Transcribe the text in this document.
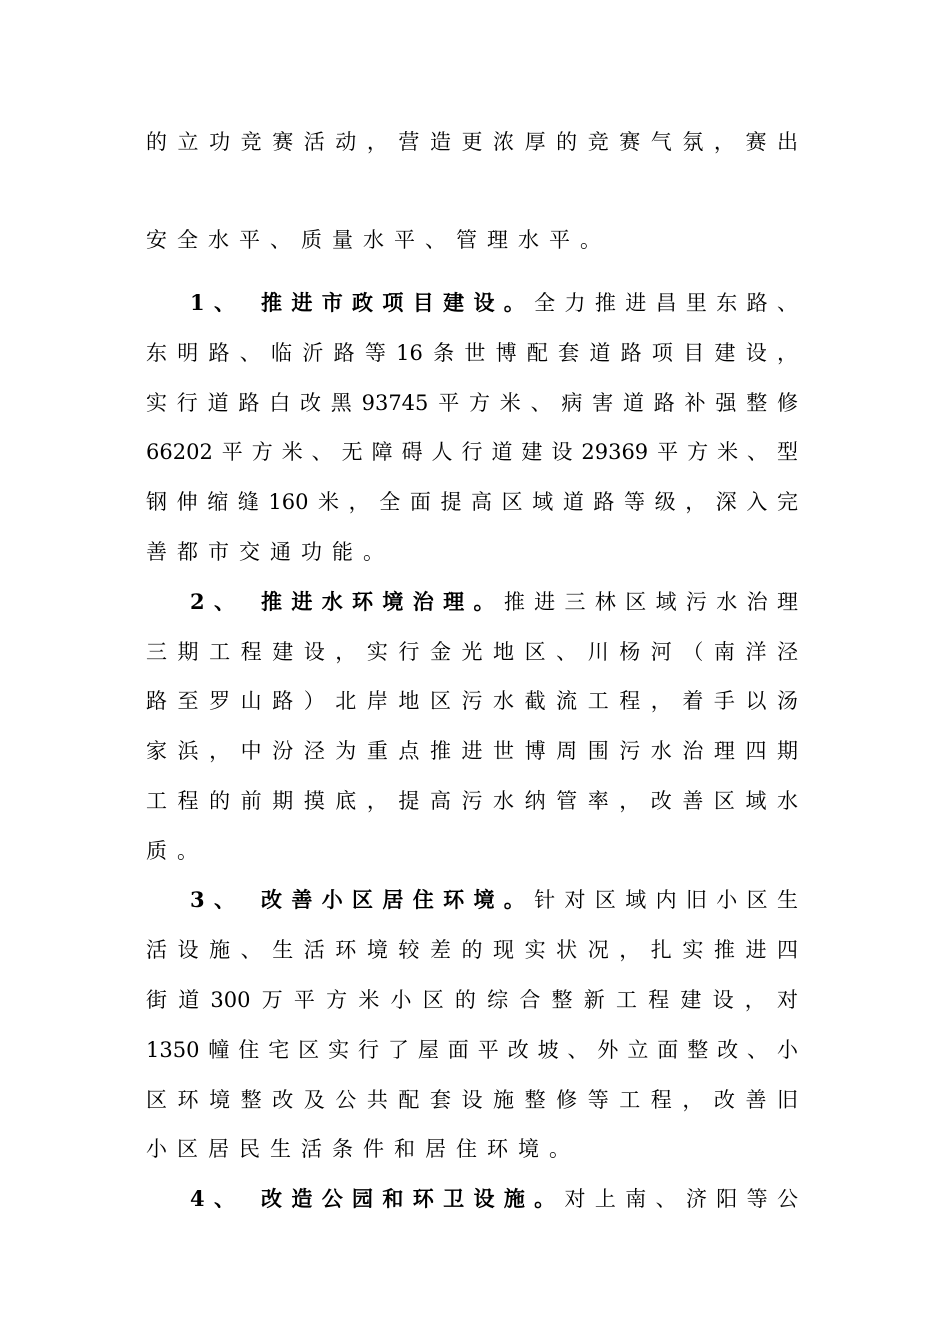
的立功竞赛活动，营造更浓厚的竞赛气氛，赛出
安全水平、质量水平、管理水平。
1、 推进市政项目建设。全力推进昌里东路、
东明路、临沂路等16条世博配套道路项目建设，
实行道路白改黑93745平方米、病害道路补强整修
66202平方米、无障碍人行道建设29369平方米、型
钢伸缩缝160米，全面提高区域道路等级，深入完
善都市交通功能。
2、 推进水环境治理。推进三林区域污水治理
三期工程建设，实行金光地区、川杨河（南洋泾
路至罗山路）北岸地区污水截流工程，着手以汤
家浜，中汾泾为重点推进世博周围污水治理四期
工程的前期摸底，提高污水纳管率，改善区域水
质。
3、 改善小区居住环境。针对区域内旧小区生
活设施、生活环境较差的现实状况，扎实推进四
街道300万平方米小区的综合整新工程建设，对
1350幢住宅区实行了屋面平改坡、外立面整改、小
区环境整改及公共配套设施整修等工程，改善旧
小区居民生活条件和居住环境。
4、 改造公园和环卫设施。对上南、济阳等公
